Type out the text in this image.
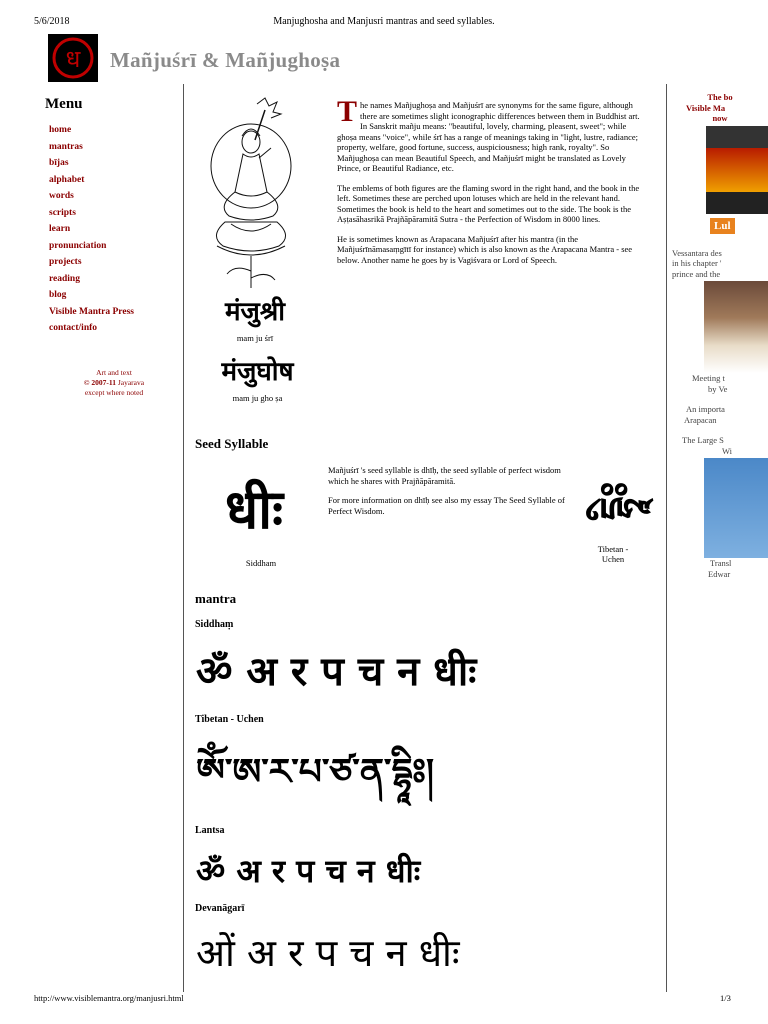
5/6/2018	Manjughosha and Manjusri mantras and seed syllables.
ध Mañjuśrī & Mañjughoṣa
Menu
home
mantras
bījas
alphabet
words
scripts
learn
pronunciation
projects
reading
blog
Visible Mantra Press
contact/info
Art and text
© 2007-11 Jayarava
except where noted
मंजुश्री
mam ju śrī
मंजुघोष
mam ju gho ṣa

The names Mañjughoṣa and Mañjuśrī are synonyms for the same figure, although there are sometimes slight iconographic differences between them in Buddhist art. In Sanskrit mañju means: "beautiful, lovely, charming, pleasent, sweet"; while ghoṣa means "voice", while śrī has a range of meanings taking in "light, lustre, radiance; property, welfare, good fortune, success, auspiciousness; high rank, royalty". So Mañjughoṣa can mean Beautiful Speech, and Mañjuśrī might be translated as Lovely Prince, or Beautiful Radiance, etc.

The emblems of both figures are the flaming sword in the right hand, and the book in the left. Sometimes these are perched upon lotuses which are held in the relevant hand. Sometimes the book is held to the heart and sometimes out to the side. The book is the Aṣṭasāhasrikā Prajñāpāramitā Sutra - the Perfection of Wisdom in 8000 lines.

He is sometimes known as Arapacana Mañjuśrī after his mantra (in the Mañjuśrīnāmasaṃgītī for instance) which is also known as the Arapacana Mantra - see below. Another name he goes by is Vagiśvara or Lord of Speech.

Seed Syllable
धीः
Siddham

Mañjuśrī 's seed syllable is dhīḥ, the seed syllable of perfect wisdom which he shares with Prajñāpāramitā.

For more information on dhīḥ see also my essay The Seed Syllable of Perfect Wisdom.	དྷཱིཿ
Tibetan - Uchen
mantra
Siddhaṃ
ॐ अ र प च न धीः
Tibetan - Uchen
ཨོཾ་ཨ་ར་པ་ཙ་ན་དྷཱིཿ།
Lantsa
ॐ अ र प च न धीः
Devanāgarī
ओं अ र प च न धीः
The bo
Visible Ma
now
Lul
Vessantara des
in his chapter '
prince and the
Meeting t
by Ve
An importa
Arapacan
The Large S
Wi
Transl
Edwar
http://www.visiblemantra.org/manjusri.html	1/3
